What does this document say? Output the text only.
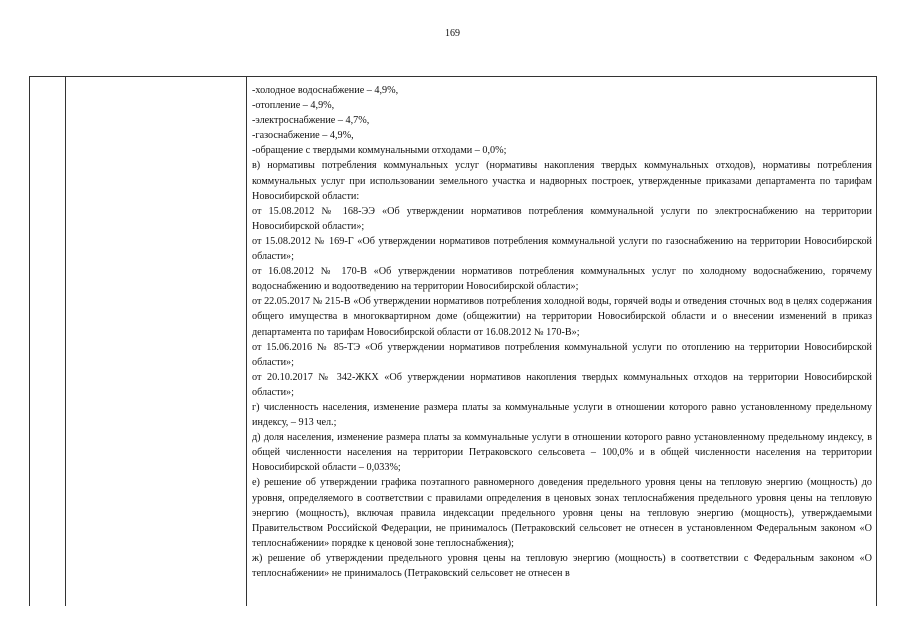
169

-холодное водоснабжение – 4,9%,

-отопление – 4,9%,

-электроснабжение – 4,7%,

-газоснабжение – 4,9%,

-обращение с твердыми коммунальными отходами – 0,0%;

в) нормативы потребления коммунальных услуг (нормативы накопления твердых коммунальных отходов), нормативы потребления коммунальных услуг при использовании земельного участка и надворных построек, утвержденные приказами департамента по тарифам Новосибирской области:

от 15.08.2012 № 168-ЭЭ «Об утверждении нормативов потребления коммунальной услуги по электроснабжению на территории Новосибирской области»;

от 15.08.2012 № 169-Г «Об утверждении нормативов потребления коммунальной услуги по газоснабжению на территории Новосибирской области»;

от 16.08.2012 № 170-В «Об утверждении нормативов потребления коммунальных услуг по холодному водоснабжению, горячему водоснабжению и водоотведению на территории Новосибирской области»;

от 22.05.2017 № 215-В «Об утверждении нормативов потребления холодной воды, горячей воды и отведения сточных вод в целях содержания общего имущества в многоквартирном доме (общежитии) на территории Новосибирской области и о внесении изменений в приказ департамента по тарифам Новосибирской области от 16.08.2012 № 170-В»;

от 15.06.2016 № 85-ТЭ «Об утверждении нормативов потребления коммунальной услуги по отоплению на территории Новосибирской области»;

от 20.10.2017 № 342-ЖКХ «Об утверждении нормативов накопления твердых коммунальных отходов на территории Новосибирской области»;

г) численность населения, изменение размера платы за коммунальные услуги в отношении которого равно установленному предельному индексу, – 913 чел.;

д) доля населения, изменение размера платы за коммунальные услуги в отношении которого равно установленному предельному индексу, в общей численности населения на территории Петраковского сельсовета – 100,0% и в общей численности населения на территории Новосибирской области – 0,033%;

е) решение об утверждении графика поэтапного равномерного доведения предельного уровня цены на тепловую энергию (мощность) до уровня, определяемого в соответствии с правилами определения в ценовых зонах теплоснабжения предельного уровня цены на тепловую энергию (мощность), включая правила индексации предельного уровня цены на тепловую энергию (мощность), утверждаемыми Правительством Российской Федерации, не принималось (Петраковский сельсовет не отнесен в установленном Федеральным законом «О теплоснабжении» порядке к ценовой зоне теплоснабжения);

ж) решение об утверждении предельного уровня цены на тепловую энергию (мощность) в соответствии с Федеральным законом «О теплоснабжении» не принималось (Петраковский сельсовет не отнесен в
